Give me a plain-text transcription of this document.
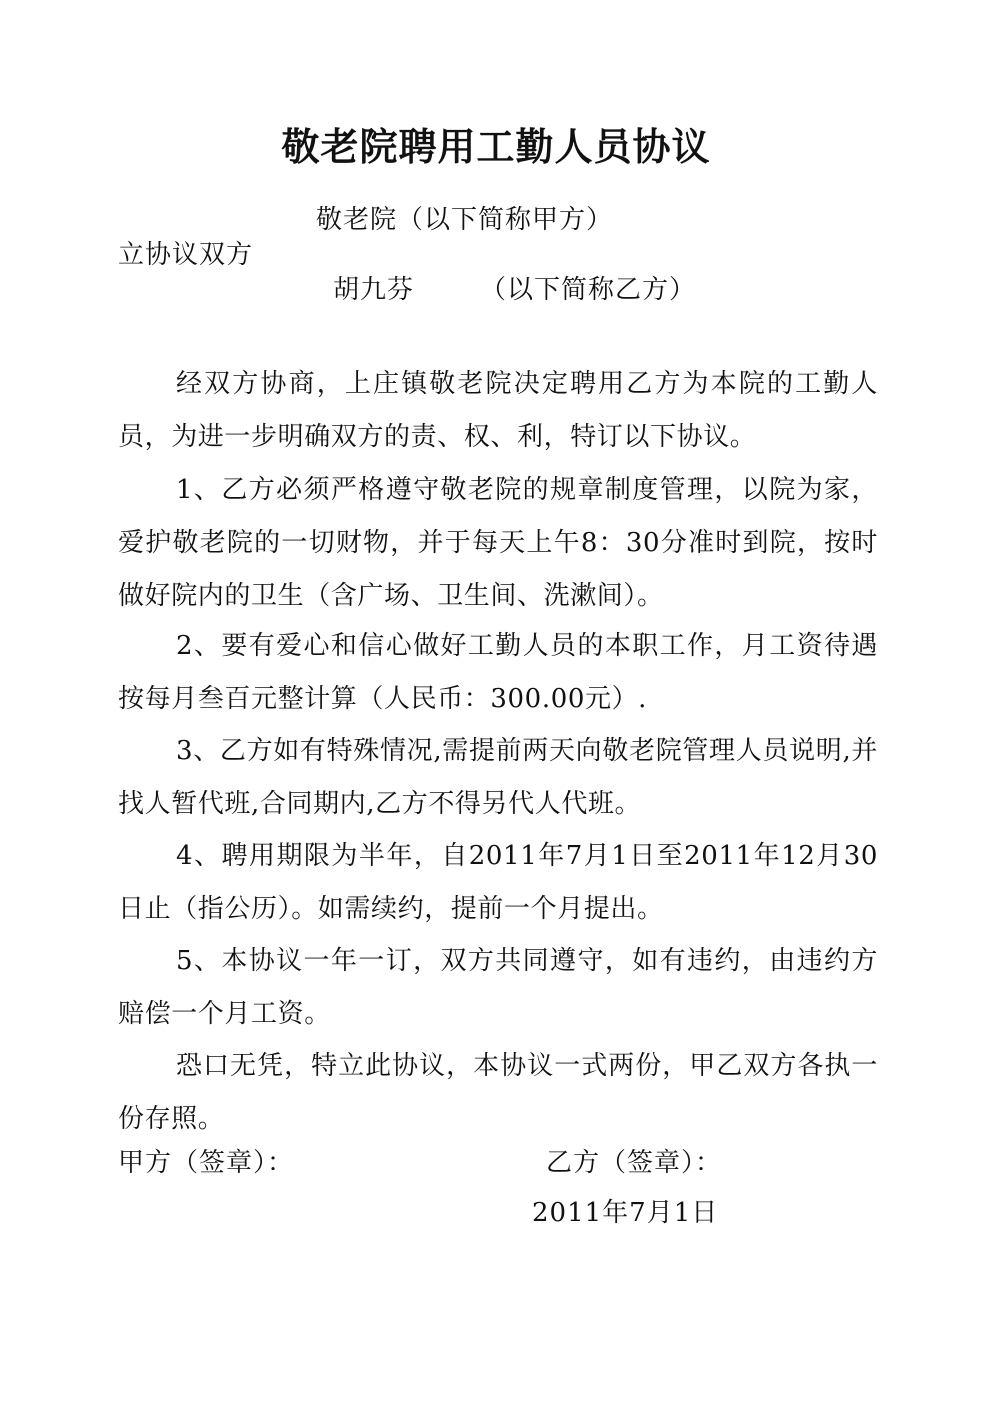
敬老院聘用工勤人员协议
敬老院（以下简称甲方）
立协议双方
胡九芬	（以下简称乙方）
经双方协商，上庄镇敬老院决定聘用乙方为本院的工勤人员，为进一步明确双方的责、权、利，特订以下协议。
1、乙方必须严格遵守敬老院的规章制度管理，以院为家，爱护敬老院的一切财物，并于每天上午8：30分准时到院，按时做好院内的卫生（含广场、卫生间、洗漱间）。
2、要有爱心和信心做好工勤人员的本职工作，月工资待遇按每月叁百元整计算（人民币：300.00元）.
3、乙方如有特殊情况,需提前两天向敬老院管理人员说明,并找人暂代班,合同期内,乙方不得另代人代班。
4、聘用期限为半年，自2011年7月1日至2011年12月30日止（指公历）。如需续约，提前一个月提出。
5、本协议一年一订，双方共同遵守，如有违约，由违约方赔偿一个月工资。
恐口无凭，特立此协议，本协议一式两份，甲乙双方各执一份存照。
甲方（签章）：	乙方（签章）：
2011年7月1日
